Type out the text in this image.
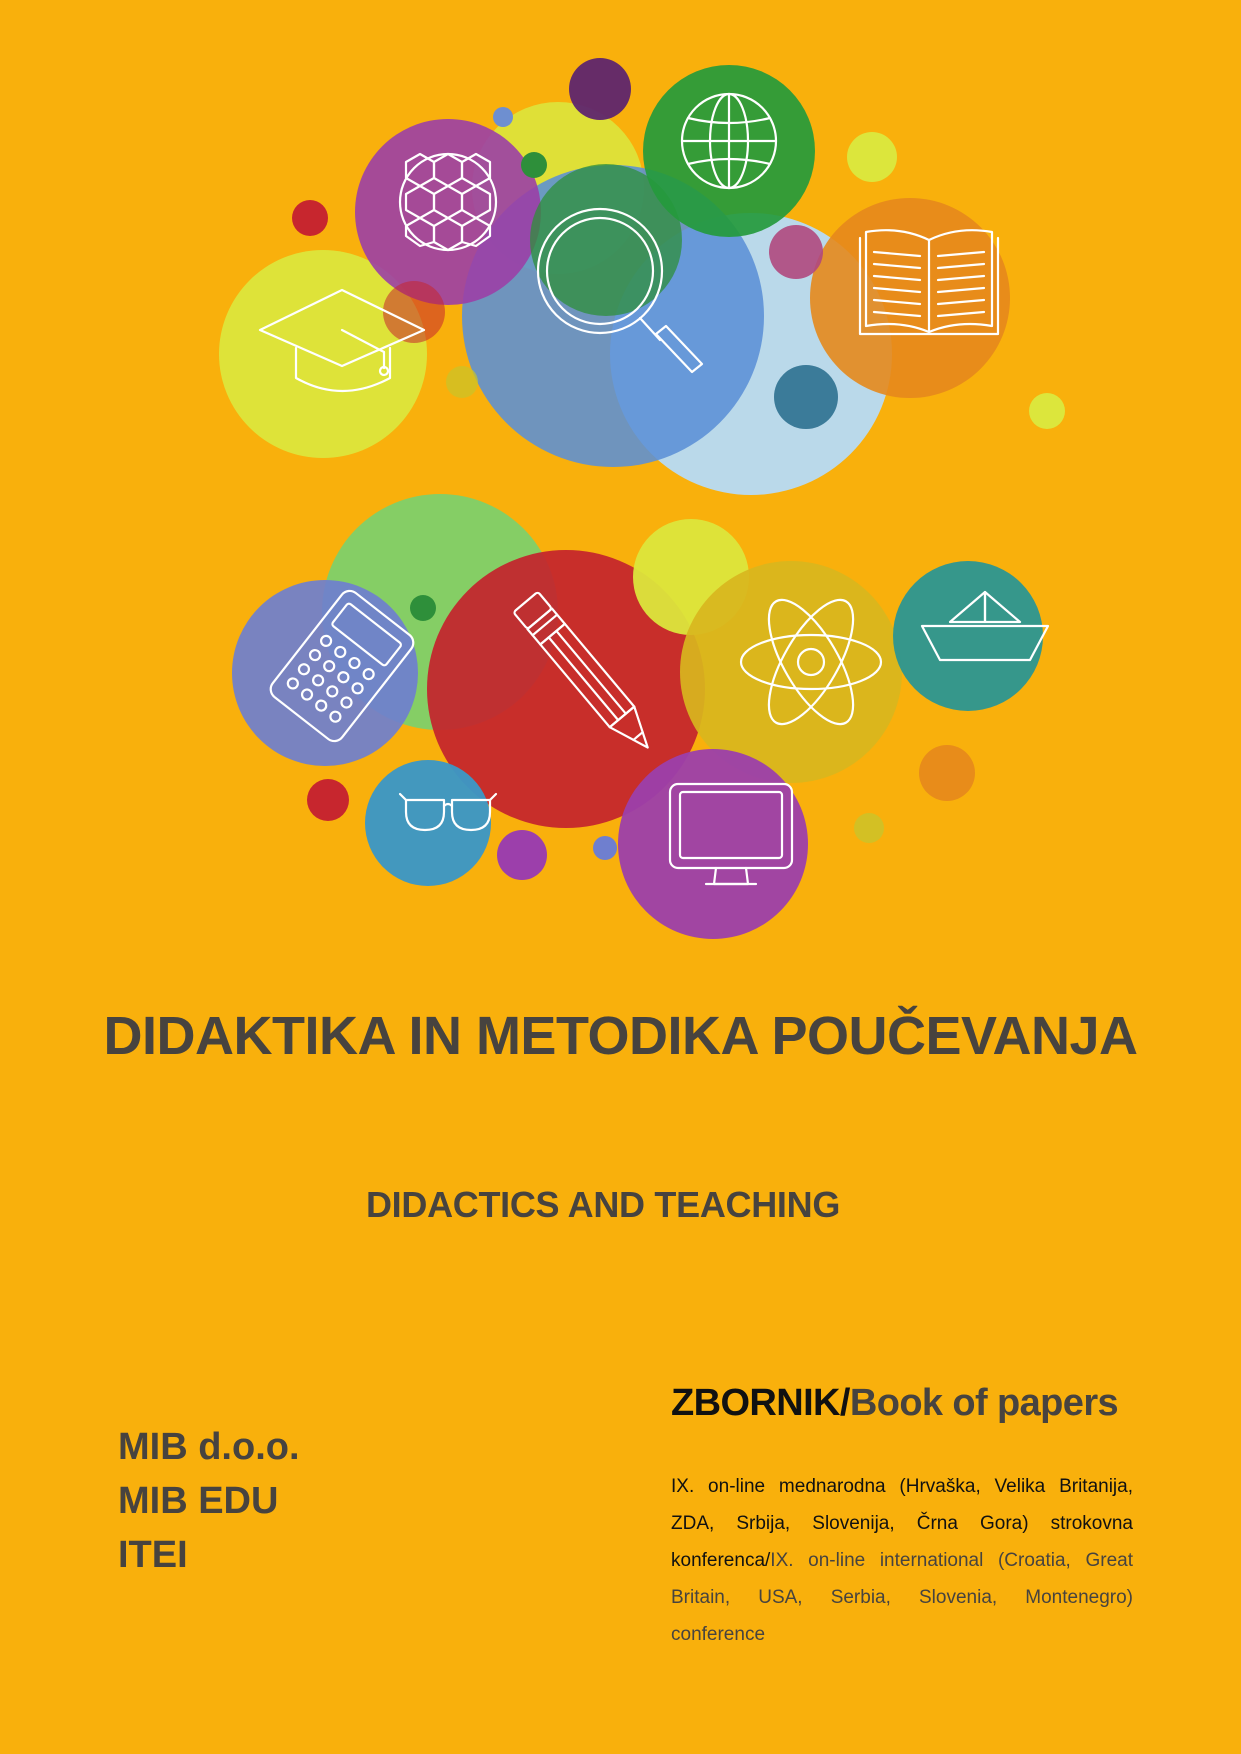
DIDAKTIKA IN METODIKA POUČEVANJA
DIDACTICS AND TEACHING
MIB d.o.o.
MIB EDU
ITEI
ZBORNIK/Book of papers

IX. on-line mednarodna (Hrvaška, Velika Britanija, ZDA, Srbija, Slovenija, Črna Gora) strokovna konferenca/IX. on-line international (Croatia, Great Britain, USA, Serbia, Slovenia, Montenegro) conference
